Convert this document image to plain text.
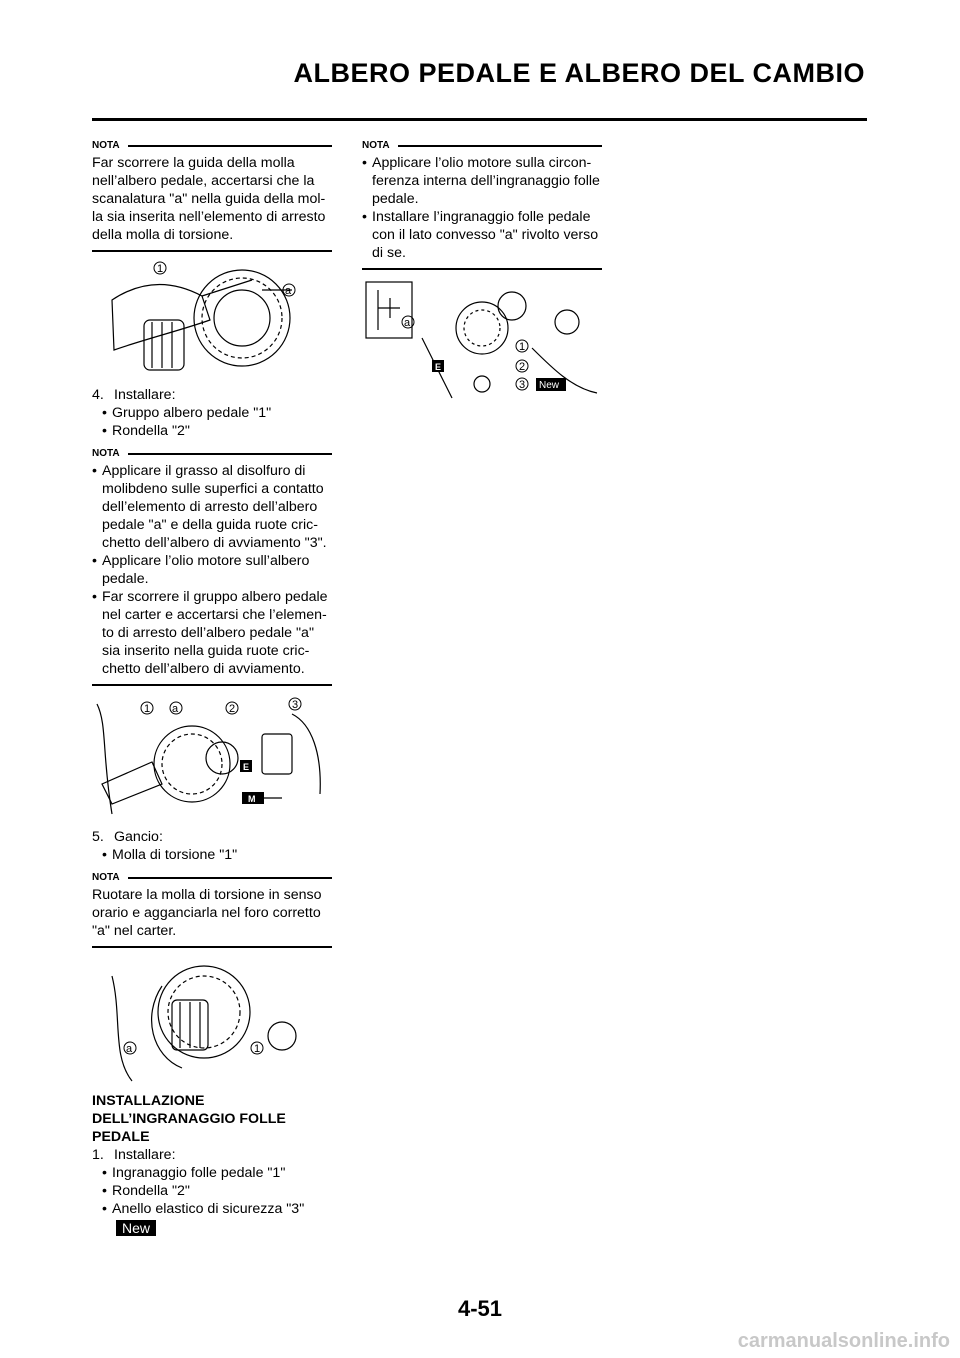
ALBERO PEDALE E ALBERO DEL CAMBIO
NOTA

Far scorrere la guida della molla nell’albero pedale, accertarsi che la scanalatura "a" nella guida della mol-la sia inserita nell’elemento di arresto della molla di torsione.

1
a
4. Installare:
• Gruppo albero pedale "1"
• Rondella "2"
NOTA
• Applicare il grasso al disolfuro di molibdeno sulle superfici a contatto dell’elemento di arresto dell’albero pedale "a" e della guida ruote cric-chetto dell’albero di avviamento "3".
• Applicare l’olio motore sull’albero pedale.
• Far scorrere il gruppo albero pedale nel carter e accertarsi che l’elemen-to di arresto dell’albero pedale "a" sia inserito nella guida ruote cric-chetto dell’albero di avviamento.
1 a	2	3
E
M
5. Gancio:
• Molla di torsione "1"
NOTA

Ruotare la molla di torsione in senso orario e agganciarla nel foro corretto "a" nel carter.

a	1
INSTALLAZIONE
DELL’INGRANAGGIO FOLLE
PEDALE
1. Installare:
• Ingranaggio folle pedale "1"
• Rondella "2"
• Anello elastico di sicurezza "3"
New
NOTA
• Applicare l’olio motore sulla circon-ferenza interna dell’ingranaggio folle pedale.
• Installare l’ingranaggio folle pedale con il lato convesso "a" rivolto verso di se.
a
1
2
3
E
New
4-51
carmanualsonline.info
